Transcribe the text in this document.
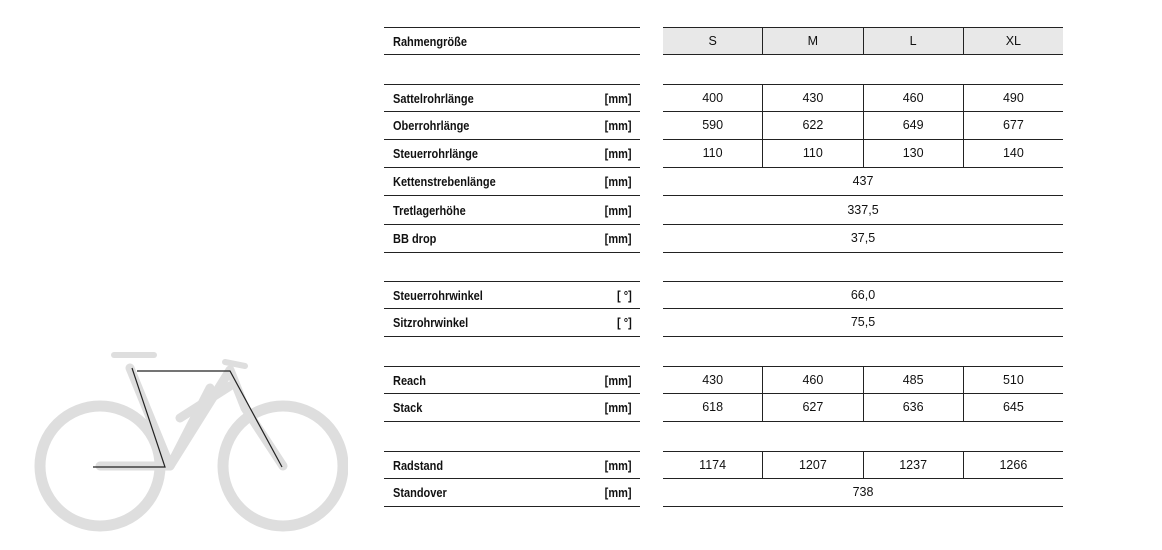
Rahmengröße	S	M	L	XL
Sattelrohrlänge	[mm]	400	430	460	490
Oberrohrlänge	[mm]	590	622	649	677
Steuerrohrlänge	[mm]	110	110	130	140
Kettenstrebenlänge	[mm]	437
Tretlagerhöhe	[mm]	337,5
BB drop	[mm]	37,5
Steuerrohrwinkel	[ °]	66,0
Sitzrohrwinkel	[ °]	75,5
Reach	[mm]	430	460	485	510
Stack	[mm]	618	627	636	645
Radstand	[mm]	1174	1207	1237	1266
Standover	[mm]	738
